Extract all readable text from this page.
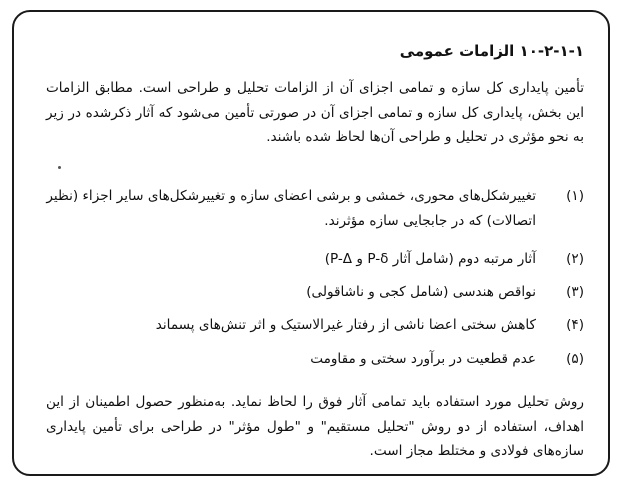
۱۰-۲-۱-۱ الزامات عمومی
تأمین پایداری کل سازه و تمامی اجزای آن از الزامات تحلیل و طراحی است. مطابق الزامات این بخش، پایداری کل سازه و تمامی اجزای آن در صورتی تأمین می‌شود که آثار ذکرشده در زیر به نحو مؤثری در تحلیل و طراحی آن‌ها لحاظ شده باشند.
(۱)
تغییرشکل‌های محوری، خمشی و برشی اعضای سازه و تغییرشکل‌های سایر اجزاء (نظیر اتصالات) که در جابجایی سازه مؤثرند.
(۲)
آثار مرتبه دوم (شامل آثار P-δ و P-Δ)
(۳)
نواقص هندسی (شامل کجی و ناشاقولی)
(۴)
کاهش سختی اعضا ناشی از رفتار غیرالاستیک و اثر تنش‌های پسماند
(۵)
عدم قطعیت در برآورد سختی و مقاومت
روش تحلیل مورد استفاده باید تمامی آثار فوق را لحاظ نماید. به‌منظور حصول اطمینان از این اهداف، استفاده از دو روش "تحلیل مستقیم" و "طول مؤثر" در طراحی برای تأمین پایداری سازه‌های فولادی و مختلط مجاز است.
